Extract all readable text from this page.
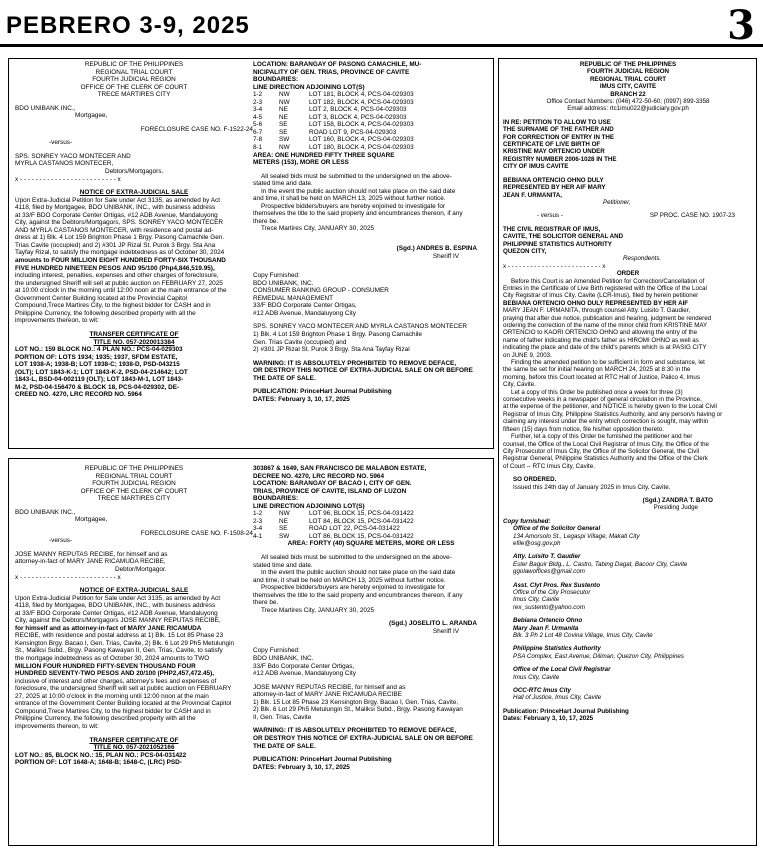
PEBRERO 3-9, 2025	3

REPUBLIC OF THE PHILIPPINES

REGIONAL TRIAL COURT

FOURTH JUDICIAL REGION

OFFICE OF THE CLERK OF COURT

TRECE MARTIRES CITY

BDO UNIBANK INC.,

Mortgagee,

FORECLOSURE CASE NO. F-1522-24

-versus-

SPS. SONREY YACO MONTECER AND

MYRLA CASTANOS MONTECER,

Debtors/Mortgagors.

x - - - - - - - - - - - - - - - - - - - - - - - - - x

NOTICE OF EXTRA-JUDICIAL SALE

Upon Extra-Judicial Petition for Sale under Act 3135, as amended by Act

4118, filed by Mortgagee, BDO UNIBANK, INC., with business address

at 33/F BDO Corporate Center Ortigas, #12 ADB Avenue, Mandaluyong

City, against the Debtors/Mortgagors, SPS. SONREY YACO MONTECER

AND MYRLA CASTANOS MONTECER, with residence and postal ad-

dress at 1) Blk. 4 Lot 159 Brighton Phase 1 Brgy. Pasong Camachile Gen.

Trias Cavite (occupied) and 2) #301 JP Rizal St. Purok 3 Brgy. Sta Ana

Tayfay Rizal, to satisfy the mortgage indebtedness as of October 30, 2024

amounts to FOUR MILLION EIGHT HUNDRED FORTY-SIX THOUSAND

FIVE HUNDRED NINETEEN PESOS AND 95/100 (Php4,846,519.95),

including interest, penalties, expenses and other charges of foreclosure,

the undersigned Sheriff will sell at public auction on FEBRUARY 27, 2025

at 10:00 o'clock in the morning until 12:00 noon at the main entrance of the

Government Center Building located at the Provincial Capitol

Compound,Trece Martires City, to the highest bidder for CASH and in

Philippine Currency, the following described property with all the

improvements thereon, to wit:

TRANSFER CERTIFICATE OF

TITLE NO. 057-2020013384

LOT NO.: 159 BLOCK NO.: 4 PLAN NO.: PCS-04-029303

PORTION OF: LOTS 1934; 1935; 1937, SFDM ESTATE,

LOT 1938-A; 1938-B; LOT 1938-C; 1938-D, PSD-043215

(OLT); LOT 1843-K-1; LOT 1843-K-2, PSD-04-214642; LOT

1843-L, BSD-04-002119 (OLT); LOT 1843-M-1, LOT 1843-

M-2, PSD-04-156470 & BLOCK 18, PCS-04-029302, DE-

CREED NO. 4270, LRC RECORD NO. 5964

LOCATION: BARANGAY OF PASONG CAMACHILE, MU-

NICIPALITY OF GEN. TRIAS, PROVINCE OF CAVITE

BOUNDARIES:

LINE DIRECTION ADJOINING LOT(S)

1-2	NW	LOT 181, BLOCK 4, PCS-04-029303
2-3	NW	LOT 182, BLOCK 4, PCS-04-029303
3-4	NE	LOT 2, BLOCK 4, PCS-04-029303
4-5	NE	LOT 3, BLOCK 4, PCS-04-029303
5-6	SE	LOT 158, BLOCK 4, PCS-04-029303
6-7	SE	ROAD LOT 9, PCS-04-029303
7-8	SW	LOT 160, BLOCK 4, PCS-04-029303
8-1	NW	LOT 180, BLOCK 4, PCS-04-029303

AREA: ONE HUNDRED FIFTY THREE SQUARE

METERS (153), MORE OR LESS

All sealed bids must be submitted to the undersigned on the above-

stated time and date.

In the event the public auction should not take place on the said date

and time, it shall be held on MARCH 13, 2025 without further notice.

Prospective bidders/buyers are hereby enjoined to investigate for

themselves the title to the said property and encumbrances thereon, if any

there be.

Trece Martires City, JANUARY 30, 2025

(Sgd.) ANDRES B. ESPINA

Sheriff IV

Copy Furnished:

BDO UNIBANK, INC.

CONSUMER BANKING GROUP - CONSUMER

REMEDIAL MANAGEMENT

33/F BDO Corporate Center Ortigas,

#12 ADB Avenue, Mandaluyong City

SPS. SONREY YACO MONTECER AND MYRLA CASTANOS MONTECER

1) Blk. 4 Lot 159 Brighton Phase 1 Brgy. Pasong Camachile

Gen. Trias Cavite (occupied) and

2) #301 JP Rizal St. Purok 3 Brgy. Sta Ana Tayfay Rizal

WARNING: IT IS ABSOLUTELY PROHIBITED TO REMOVE DEFACE,

OR DESTROY THIS NOTICE OF EXTRA-JUDICIAL SALE ON OR BEFORE

THE DATE OF SALE.

PUBLICATION: PrinceHart Journal Publishing

DATES: February 3, 10, 17, 2025

REPUBLIC OF THE PHILIPPINES

REGIONAL TRIAL COURT

FOURTH JUDICIAL REGION

OFFICE OF THE CLERK OF COURT

TRECE MARTIRES CITY

BDO UNIBANK INC.,

Mortgagee,

FORECLOSURE CASE NO. F-1508-24

-versus-

JOSE MANNY REPUTAS RECIBE, for himself and as

attorney-in-fact of MARY JANE RICAMUDA RECIBE,

Debtor/Mortgagor.

x - - - - - - - - - - - - - - - - - - - - - - - - - x

NOTICE OF EXTRA-JUDICIAL SALE

Upon Extra-Judicial Petition for Sale under Act 3135, as amended by Act

4118, filed by Mortgagee, BDO UNIBANK, INC., with business address

at 33/F BDO Corporate Center Ortigas, #12 ADB Avenue, Mandaluyong

City, against the Debtors/Mortgagors JOSE MANNY REPUTAS RECIBE,

for himself and as attorney-in-fact of MARY JANE RICAMUDA

RECIBE, with residence and postal address at 1) Blk. 15 Lot 85 Phase 23

Kensington Brgy. Bacao I, Gen. Trias, Cavite, 2) Blk. 6 Lot 29 Ph5 Metulungin

St., Maliksi Subd., Brgy. Pasong Kawayan II, Gen. Trias, Cavite, to satisfy

the mortgage indebtedness as of October 30, 2024 amounts to TWO

MILLION FOUR HUNDRED FIFTY-SEVEN THOUSAND FOUR

HUNDRED SEVENTY-TWO PESOS AND 20/100 (PHP2,457,472.45),

inclusive of interest and other charges, attorney's fees and expenses of

foreclosure, the undersigned Sheriff will sell at public auction on FEBRUARY

27, 2025 at 10:00 o'clock in the morning until 12:00 noon at the main

entrance of the Government Center Building located at the Provincial Capitol

Compound,Trece Martires City, to the highest bidder for CASH and in

Philippine Currency, the following described property with all the

improvements thereon, to wit:

TRANSFER CERTIFICATE OF

TITLE NO. 057-2021052166

LOT NO.: 85, BLOCK NO.: 15, PLAN NO.: PCS-04-031422

PORTION OF: LOT 1648-A; 1648-B; 1648-C, (LRC) PSD-

303867 & 1649, SAN FRANCISCO DE MALABON ESTATE,

DECREE NO. 4270, LRC RECORD NO. 5964

LOCATION: BARANGAY OF BACAO I, CITY OF GEN.

TRIAS, PROVINCE OF CAVITE, ISLAND OF LUZON

BOUNDARIES:

LINE DIRECTION ADJOINING LOT(S)

1-2	NW	LOT 96, BLOCK 15, PCS-04-031422
2-3	NE	LOT 84, BLOCK 15, PCS-04-031422
3-4	SE	ROAD LOT 22, PCS-04-031422
4-1	SW	LOT 86, BLOCK 15, PCS-04-031422

AREA: FORTY (40) SQUARE METERS, MORE OR LESS

All sealed bids must be submitted to the undersigned on the above-

stated time and date.

In the event the public auction should not take place on the said date

and time, it shall be held on MARCH 13, 2025 without further notice.

Prospective bidders/buyers are hereby enjoined to investigate for

themselves the title to the said property and encumbrances thereon, if any

there be.

Trece Martires City, JANUARY 30, 2025

(Sgd.) JOSELITO L. ARANDA

Sheriff IV

Copy Furnished:

BDO UNIBANK, INC.

33/F Bdo Corporate Center Ortigas,

#12 ADB Avenue, Mandaluyong City

JOSE MANNY REPUTAS RECIBE, for himself and as

attorney-in-fact of MARY JANE RICAMUDA RECIBE

1) Blk. 15 Lot 85 Phase 23 Kensington Brgy. Bacao I, Gen. Trias, Cavite,

2) Blk. 6 Lot 29 Ph5 Metulungin St., Maliksi Subd., Brgy. Pasong Kawayan

II, Gen. Trias, Cavite

WARNING: IT IS ABSOLUTELY PROHIBITED TO REMOVE DEFACE,

OR DESTROY THIS NOTICE OF EXTRA-JUDICIAL SALE ON OR BEFORE

THE DATE OF SALE.

PUBLICATION: PrinceHart Journal Publishing

DATES: February 3, 10, 17, 2025

REPUBLIC OF THE PHILIPPINES

FOURTH JUDICIAL REGION

REGIONAL TRIAL COURT

IMUS CITY, CAVITE

BRANCH 22

Office Contact Numbers: (046) 472-50-60; (0997) 899-3358

Email address: rtc1imu022@judiciary.gov.ph

IN RE: PETITION TO ALLOW TO USE

THE SURNAME OF THE FATHER AND

FOR CORRECTION OF ENTRY IN THE

CERTIFICATE OF LIVE BIRTH OF

KRISTINE MAY ORTENCIO UNDER

REGISTRY NUMBER 2006-1028 IN THE

CITY OF IMUS CAVITE

BEBIANA ORTENCIO OHNO DULY

REPRESENTED BY HER AIF MARY

JEAN F. URMANITA,

Petitioner,

- versus -	SP PROC. CASE NO. 1907-23

THE CIVIL REGISTRAR OF IMUS,

CAVITE, THE SOLICITOR GENERAL AND

PHILIPPINE STATISTICS AUTHORITY

QUEZON CITY,

Respondents.

x - - - - - - - - - - - - - - - - - - - - - - - - - x

ORDER

Before this Court is an Amended Petition for Correction/Cancellation of

Entries in the Certificate of Live Birth registered with the Office of the Local

City Registrar of Imus City, Cavite (LCR-Imus), filed by herein petitioner

BEBIANA ORTENCIO OHNO DULY REPRESENTED BY HER AIF

MARY JEAN F. URMANITA, through counsel Atty. Luisito T. Gaudier,

praying that after due notice, publication and hearing, judgment be rendered

ordering the correction of the name of the minor child from KRISTINE MAY

ORTENCIO to KAORI ORTENCIO OHNO and allowing the entry of the

name of father indicating the child's father as HIROMI OHNO as well as

indicating the place and date of the child's parents which is at PASIG CITY

on JUNE 9, 2003.

Finding the amended petition to be sufficient in form and substance, let

the same be set for initial hearing on MARCH 24, 2025 at 8:30 in the

morning, before this Court located at RTC Hall of Justice, Palico 4, Imus

City, Cavite.

Let a copy of this Order be published once a week for three (3)

consecutive weeks in a newspaper of general circulation in the Province,

at the expense of the petitioner, and NOTICE is hereby given to the Local Civil

Registrar of Imus City, Philippine Statistics Authority, and any person/s having or

claiming any interest under the entry which correction is sought, may within

fifteen (15) days from notice, file his/her opposition thereto.

Further, let a copy of this Order be furnished the petitioner and her

counsel, the Office of the Local Civil Registrar of Imus City, the Office of the

City Prosecutor of Imus City, the Office of the Solicitor General, the Civil

Registrar General, Philippine Statistics Authority and the Office of the Clerk

of Court -- RTC Imus City, Cavite.

SO ORDERED.

Issued this 24th day of January 2025 in Imus City, Cavite.

(Sgd.) ZANDRA T. BATO

Presiding Judge

Copy furnished:

Office of the Solicitor General

134 Amorsolo St., Legaspi Village, Makati City

efile@osg.gov.ph

Atty. Luisito T. Gaudier

Ester Baguir Bldg., L. Castro, Tabing Dagat, Bacoor City, Cavite

ggolawoffices@gmail.com

Asst. Clyt Pros. Rex Sustento

Office of the City Prosecutor

Imus City, Cavite

rex_sustento@yahoo.com

Bebiana Ortencio Ohno

Mary Jean F. Urmanita

Blk. 3 Ph 2 Lot 48 Covina Village, Imus City, Cavite

Philippine Statistics Authority

PSA Complex, East Avenue, Diliman, Quezon City, Philippines

Office of the Local Civil Registrar

Imus City, Cavite

OCC-RTC Imus City

Hall of Justice, Imus City, Cavite

Publication: PrinceHart Journal Publishing

Dates: February 3, 10, 17, 2025
